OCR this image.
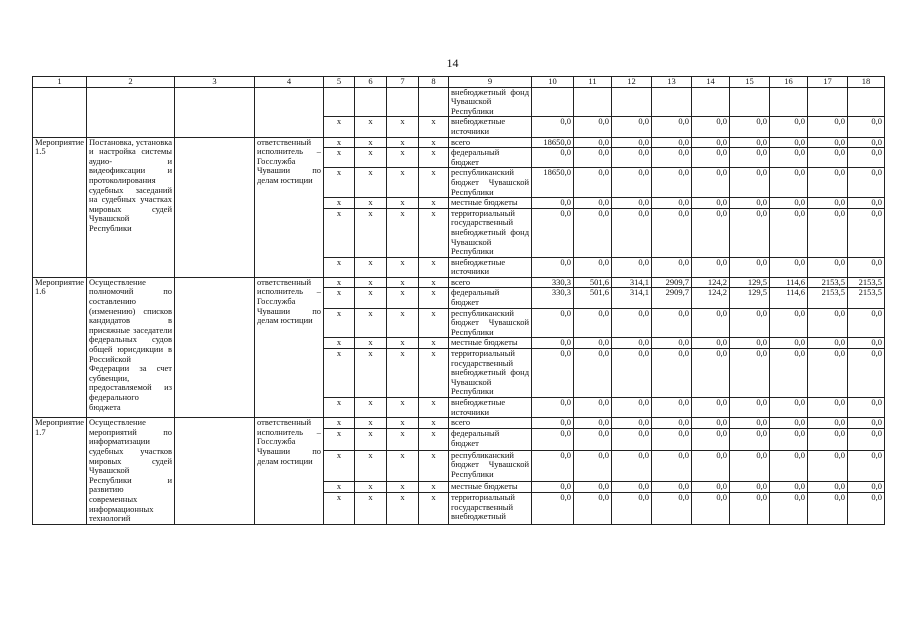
14
1	2	3	4	5	6	7	8	9	10	11	12	13	14	15	16	17	18
								внебюджетный фонд Чувашской Республики									
				x	x	x	x	внебюджетные источники	0,0	0,0	0,0	0,0	0,0	0,0	0,0	0,0	0,0
Мероприятие 1.5	Постановка, установка и настройка системы аудио- и видеофиксации и протоколирования судебных заседаний на судебных участках мировых судей Чувашской Республики		ответственный исполнитель – Госслужба Чувашии по делам юстиции	x	x	x	x	всего	18650,0	0,0	0,0	0,0	0,0	0,0	0,0	0,0	0,0
				x	x	x	x	федеральный бюджет	0,0	0,0	0,0	0,0	0,0	0,0	0,0	0,0	0,0
				x	x	x	x	республиканский бюджет Чувашской Республики	18650,0	0,0	0,0	0,0	0,0	0,0	0,0	0,0	0,0
				x	x	x	x	местные бюджеты	0,0	0,0	0,0	0,0	0,0	0,0	0,0	0,0	0,0
				x	x	x	x	территориальный государственный внебюджетный фонд Чувашской Республики	0,0	0,0	0,0	0,0	0,0	0,0	0,0	0,0	0,0
				x	x	x	x	внебюджетные источники	0,0	0,0	0,0	0,0	0,0	0,0	0,0	0,0	0,0
Мероприятие 1.6	Осуществление полномочий по составлению (изменению) списков кандидатов в присяжные заседатели федеральных судов общей юрисдикции в Российской Федерации за счет субвенции, предоставляемой из федерального бюджета		ответственный исполнитель – Госслужба Чувашии по делам юстиции	x	x	x	x	всего	330,3	501,6	314,1	2909,7	124,2	129,5	114,6	2153,5	2153,5
				x	x	x	x	федеральный бюджет	330,3	501,6	314,1	2909,7	124,2	129,5	114,6	2153,5	2153,5
				x	x	x	x	республиканский бюджет Чувашской Республики	0,0	0,0	0,0	0,0	0,0	0,0	0,0	0,0	0,0
				x	x	x	x	местные бюджеты	0,0	0,0	0,0	0,0	0,0	0,0	0,0	0,0	0,0
				x	x	x	x	территориальный государственный внебюджетный фонд Чувашской Республики	0,0	0,0	0,0	0,0	0,0	0,0	0,0	0,0	0,0
				x	x	x	x	внебюджетные источники	0,0	0,0	0,0	0,0	0,0	0,0	0,0	0,0	0,0
Мероприятие 1.7	Осуществление мероприятий по информатизации судебных участков мировых судей Чувашской Республики и развитию современных информационных технологий		ответственный исполнитель – Госслужба Чувашии по делам юстиции	x	x	x	x	всего	0,0	0,0	0,0	0,0	0,0	0,0	0,0	0,0	0,0
				x	x	x	x	федеральный бюджет	0,0	0,0	0,0	0,0	0,0	0,0	0,0	0,0	0,0
				x	x	x	x	республиканский бюджет Чувашской Республики	0,0	0,0	0,0	0,0	0,0	0,0	0,0	0,0	0,0
				x	x	x	x	местные бюджеты	0,0	0,0	0,0	0,0	0,0	0,0	0,0	0,0	0,0
				x	x	x	x	территориальный государственный внебюджетный	0,0	0,0	0,0	0,0	0,0	0,0	0,0	0,0	0,0
